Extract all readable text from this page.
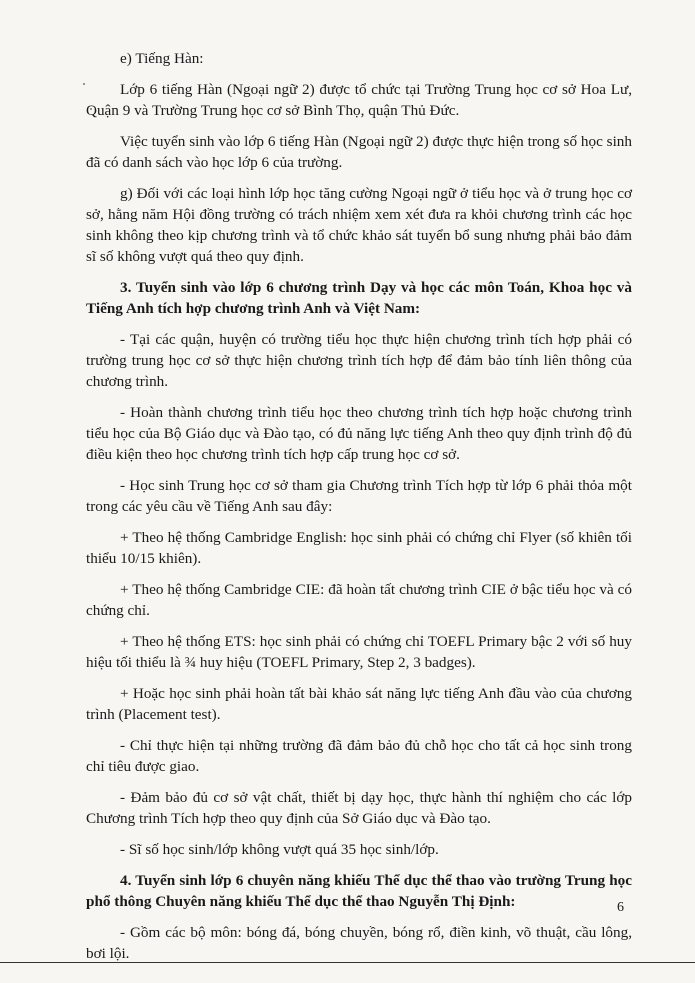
e) Tiếng Hàn:

Lớp 6 tiếng Hàn (Ngoại ngữ 2) được tổ chức tại Trường Trung học cơ sở Hoa Lư, Quận 9 và Trường Trung học cơ sở Bình Thọ, quận Thủ Đức.

Việc tuyển sinh vào lớp 6 tiếng Hàn (Ngoại ngữ 2) được thực hiện trong số học sinh đã có danh sách vào học lớp 6 của trường.

g) Đối với các loại hình lớp học tăng cường Ngoại ngữ ở tiểu học và ở trung học cơ sở, hằng năm Hội đồng trường có trách nhiệm xem xét đưa ra khỏi chương trình các học sinh không theo kịp chương trình và tổ chức khảo sát tuyển bổ sung nhưng phải bảo đảm sĩ số không vượt quá theo quy định.

3. Tuyển sinh vào lớp 6 chương trình Dạy và học các môn Toán, Khoa học và Tiếng Anh tích hợp chương trình Anh và Việt Nam:

- Tại các quận, huyện có trường tiểu học thực hiện chương trình tích hợp phải có trường trung học cơ sở thực hiện chương trình tích hợp để đảm bảo tính liên thông của chương trình.

- Hoàn thành chương trình tiểu học theo chương trình tích hợp hoặc chương trình tiểu học của Bộ Giáo dục và Đào tạo, có đủ năng lực tiếng Anh theo quy định trình độ đủ điều kiện theo học chương trình tích hợp cấp trung học cơ sở.

- Học sinh Trung học cơ sở tham gia Chương trình Tích hợp từ lớp 6 phải thỏa một trong các yêu cầu về Tiếng Anh sau đây:

+ Theo hệ thống Cambridge English: học sinh phải có chứng chỉ Flyer (số khiên tối thiểu 10/15 khiên).

+ Theo hệ thống Cambridge CIE: đã hoàn tất chương trình CIE ở bậc tiểu học và có chứng chỉ.

+ Theo hệ thống ETS: học sinh phải có chứng chỉ TOEFL Primary bậc 2 với số huy hiệu tối thiểu là ¾ huy hiệu (TOEFL Primary, Step 2, 3 badges).

+ Hoặc học sinh phải hoàn tất bài khảo sát năng lực tiếng Anh đầu vào của chương trình (Placement test).

- Chỉ thực hiện tại những trường đã đảm bảo đủ chỗ học cho tất cả học sinh trong chỉ tiêu được giao.

- Đảm bảo đủ cơ sở vật chất, thiết bị dạy học, thực hành thí nghiệm cho các lớp Chương trình Tích hợp theo quy định của Sở Giáo dục và Đào tạo.

- Sĩ số học sinh/lớp không vượt quá 35 học sinh/lớp.

4. Tuyển sinh lớp 6 chuyên năng khiếu Thể dục thể thao vào trường Trung học phổ thông Chuyên năng khiếu Thể dục thể thao Nguyễn Thị Định:

- Gồm các bộ môn: bóng đá, bóng chuyền, bóng rổ, điền kinh, võ thuật, cầu lông, bơi lội.

6
